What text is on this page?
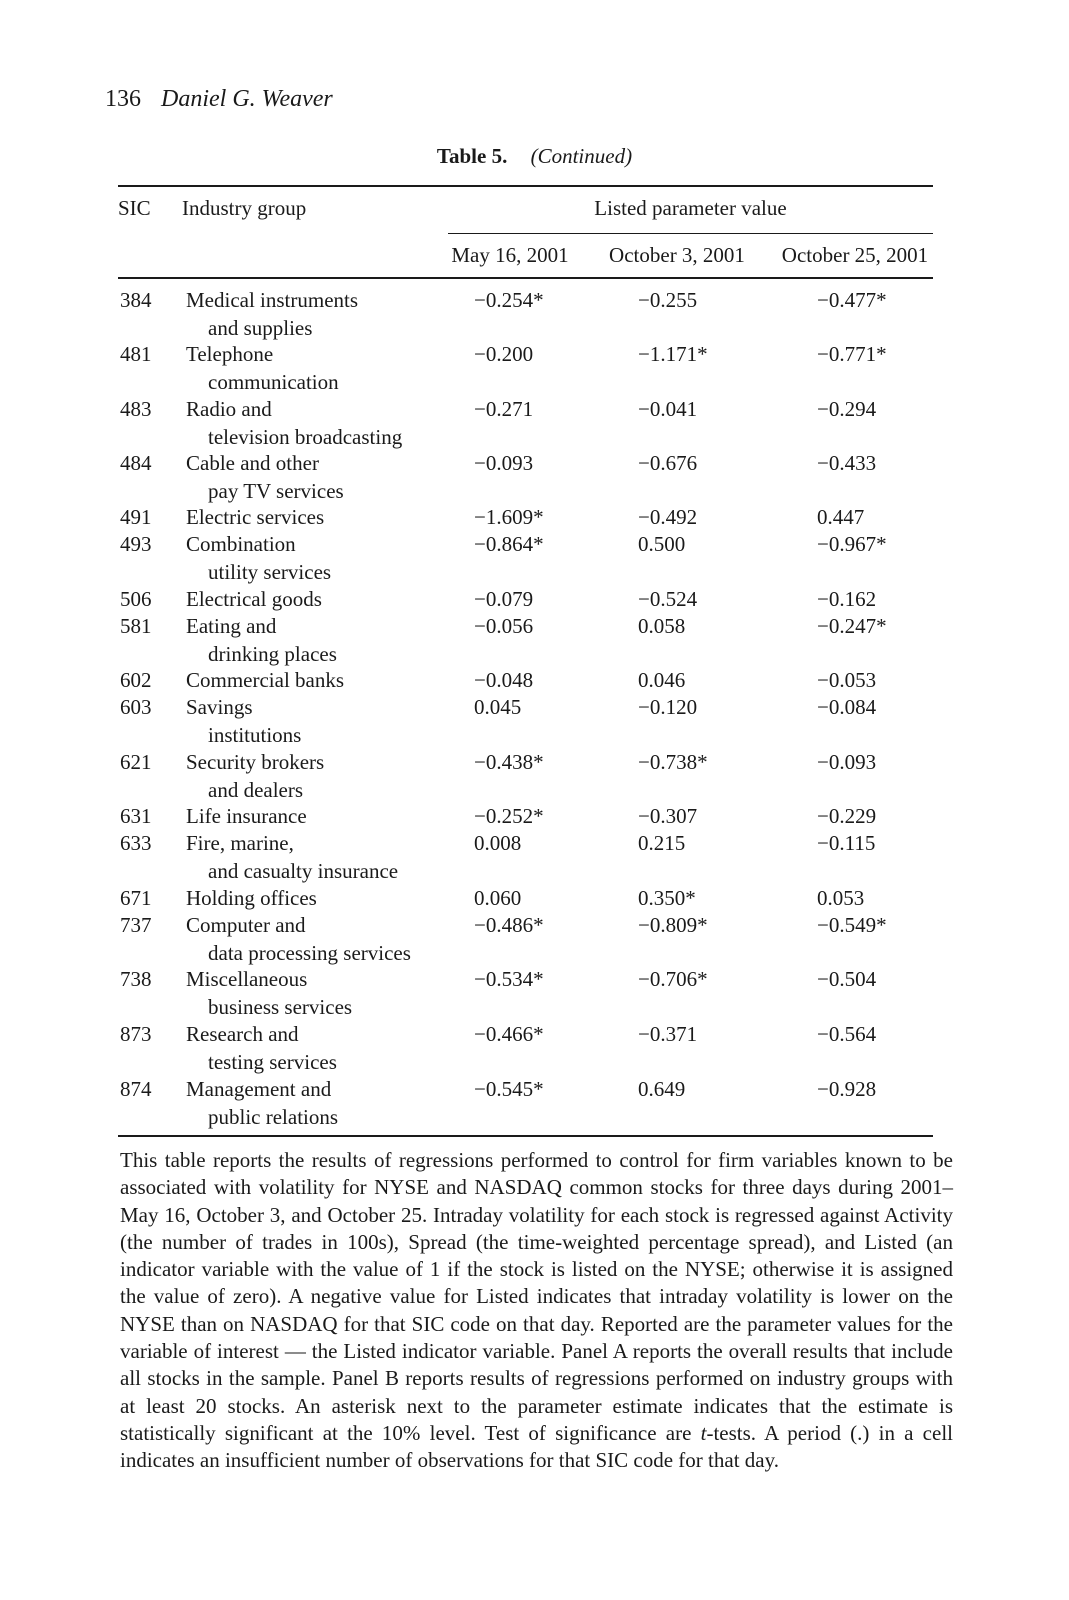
136 Daniel G. Weaver
Table 5. (Continued)
SIC Industry group	Listed parameter value
May 16, 2001	October 3, 2001	October 25, 2001
384 Medical instruments
and supplies
−0.254*	−0.255	−0.477*
481 Telephone
communication
−0.200	−1.171*	−0.771*
483 Radio and
television broadcasting
−0.271	−0.041	−0.294
484 Cable and other
pay TV services
−0.093	−0.676	−0.433
491 Electric services	−1.609*	−0.492	0.447
493 Combination
utility services
−0.864*	0.500	−0.967*
506 Electrical goods	−0.079	−0.524	−0.162
581 Eating and
drinking places
−0.056	0.058	−0.247*
602 Commercial banks	−0.048	0.046	−0.053
603 Savings
institutions
0.045	−0.120	−0.084
621 Security brokers
and dealers
−0.438*	−0.738*	−0.093
631 Life insurance	−0.252*	−0.307	−0.229
633 Fire, marine,
and casualty insurance
0.008	0.215	−0.115
671 Holding offices	0.060	0.350*	0.053
737 Computer and
data processing services
−0.486*	−0.809*	−0.549*
738 Miscellaneous
business services
−0.534*	−0.706*	−0.504
873 Research and
testing services
−0.466*	−0.371	−0.564
874 Management and
public relations
−0.545*	0.649	−0.928
This table reports the results of regressions performed to control for firm variables known to be associated with volatility for NYSE and NASDAQ common stocks for three days during 2001–May 16, October 3, and October 25. Intraday volatility for each stock is regressed against Activity (the number of trades in 100s), Spread (the time-weighted percentage spread), and Listed (an indicator variable with the value of 1 if the stock is listed on the NYSE; otherwise it is assigned the value of zero). A negative value for Listed indicates that intraday volatility is lower on the NYSE than on NASDAQ for that SIC code on that day. Reported are the parameter values for the variable of interest — the Listed indicator variable. Panel A reports the overall results that include all stocks in the sample. Panel B reports results of regressions performed on industry groups with at least 20 stocks. An asterisk next to the parameter estimate indicates that the estimate is statistically significant at the 10% level. Test of significance are t-tests. A period (.) in a cell indicates an insufficient number of observations for that SIC code for that day.
